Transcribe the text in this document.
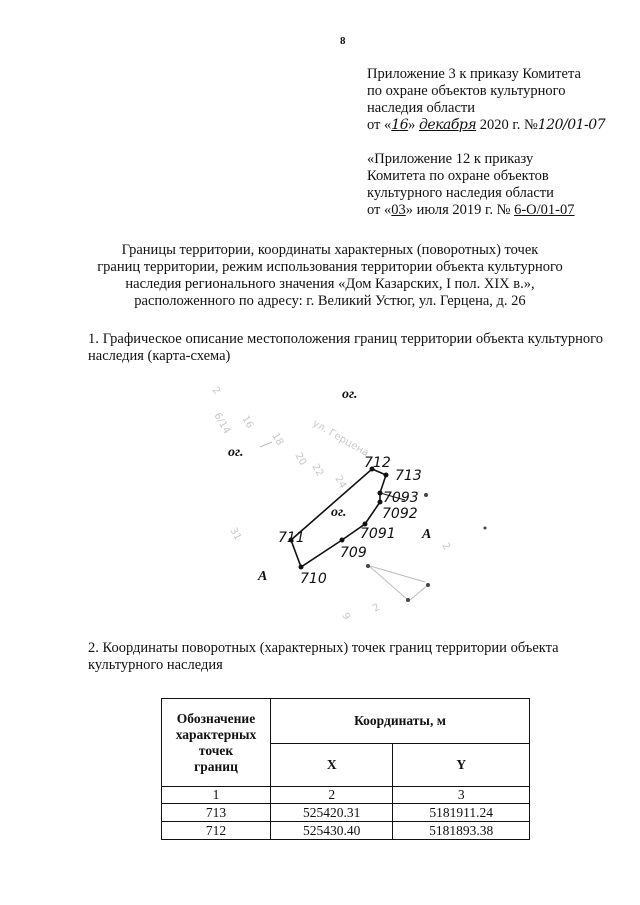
8
Приложение 3 к приказу Комитета
по охране объектов культурного
наследия области
от «16» декабря 2020 г. №120/01-07
«Приложение 12 к приказу
Комитета по охране объектов
культурного наследия области
от «03» июля 2019 г. № 6-О/01-07
Границы территории, координаты характерных (поворотных) точек
границ территории, режим использования территории объекта культурного
наследия регионального значения «Дом Казарских, I пол. XIX в.»,
расположенного по адресу: г. Великий Устюг, ул. Герцена, д. 26
1. Графическое описание местоположения границ территории объекта культурного наследия (карта-схема)
2
6/14 16
18
20
22
24
ул. Герцена
31
2
9
2
712
713
7093
7092
7091
709
711
710
ог.
ог.
ог.
А
А
2. Координаты поворотных (характерных) точек границ территории объекта культурного наследия
Обозначение
характерных
точек
границ	Координаты, м	
	X	Y
1	2	3
713	525420.31	5181911.24
712	525430.40	5181893.38
